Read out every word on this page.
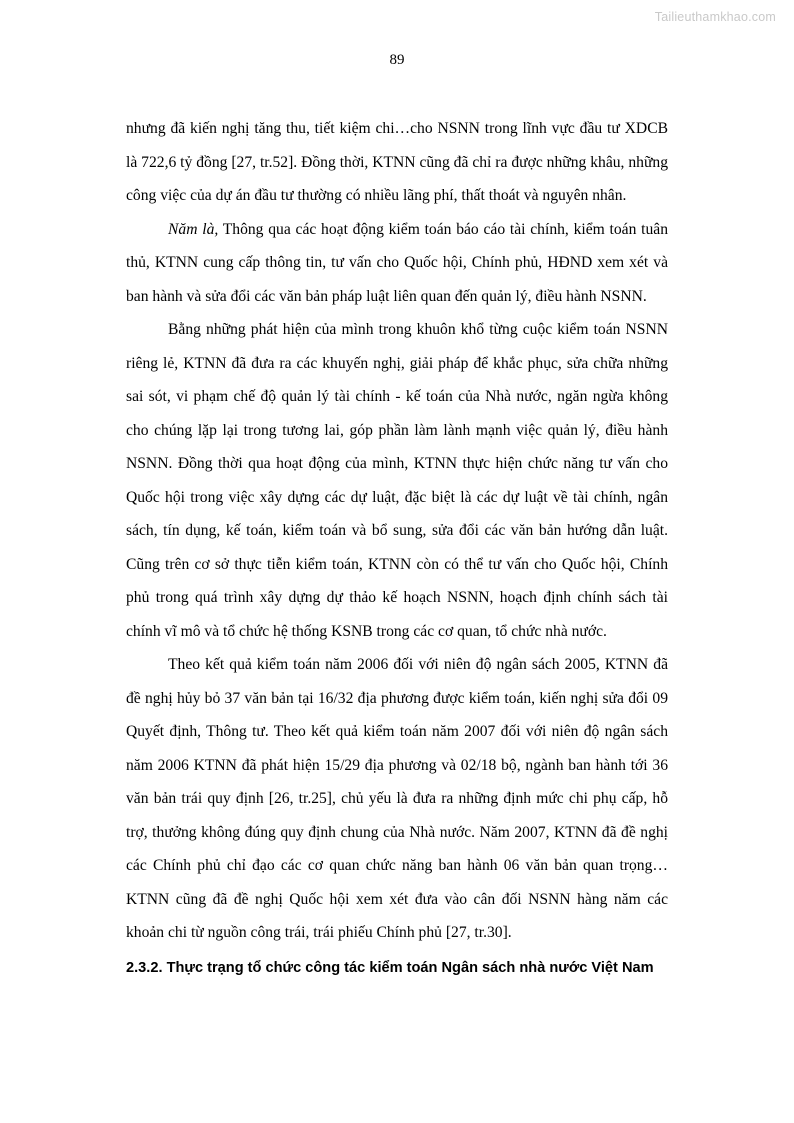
Tailieuthamkhao.com
89

nhưng đã kiến nghị tăng thu, tiết kiệm chi…cho NSNN trong lĩnh vực đầu tư XDCB là 722,6 tỷ đồng [27, tr.52]. Đồng thời, KTNN cũng đã chỉ ra được những khâu, những công việc của dự án đầu tư thường có nhiều lãng phí, thất thoát và nguyên nhân.

Năm là, Thông qua các hoạt động kiểm toán báo cáo tài chính, kiểm toán tuân thủ, KTNN cung cấp thông tin, tư vấn cho Quốc hội, Chính phủ, HĐND xem xét và ban hành và sửa đổi các văn bản pháp luật liên quan đến quản lý, điều hành NSNN.

Bằng những phát hiện của mình trong khuôn khổ từng cuộc kiểm toán NSNN riêng lẻ, KTNN đã đưa ra các khuyến nghị, giải pháp để khắc phục, sửa chữa những sai sót, vi phạm chế độ quản lý tài chính - kế toán của Nhà nước, ngăn ngừa không cho chúng lặp lại trong tương lai, góp phần làm lành mạnh việc quản lý, điều hành NSNN. Đồng thời qua hoạt động của mình, KTNN thực hiện chức năng tư vấn cho Quốc hội trong việc xây dựng các dự luật, đặc biệt là các dự luật về tài chính, ngân sách, tín dụng, kế toán, kiểm toán và bổ sung, sửa đổi các văn bản hướng dẫn luật. Cũng trên cơ sở thực tiễn kiểm toán, KTNN còn có thể tư vấn cho Quốc hội, Chính phủ trong quá trình xây dựng dự thảo kế hoạch NSNN, hoạch định chính sách tài chính vĩ mô và tổ chức hệ thống KSNB trong các cơ quan, tổ chức nhà nước.

Theo kết quả kiểm toán năm 2006 đối với niên độ ngân sách 2005, KTNN đã đề nghị hủy bỏ 37 văn bản tại 16/32 địa phương được kiểm toán, kiến nghị sửa đổi 09 Quyết định, Thông tư. Theo kết quả kiểm toán năm 2007 đối với niên độ ngân sách năm 2006 KTNN đã phát hiện 15/29 địa phương và 02/18 bộ, ngành ban hành tới 36 văn bản trái quy định [26, tr.25], chủ yếu là đưa ra những định mức chi phụ cấp, hỗ trợ, thưởng không đúng quy định chung của Nhà nước. Năm 2007, KTNN đã đề nghị các Chính phủ chỉ đạo các cơ quan chức năng ban hành 06 văn bản quan trọng…KTNN cũng đã đề nghị Quốc hội xem xét đưa vào cân đối NSNN hàng năm các khoản chi từ nguồn công trái, trái phiếu Chính phủ [27, tr.30].

2.3.2. Thực trạng tổ chức công tác kiểm toán Ngân sách nhà nước Việt Nam
